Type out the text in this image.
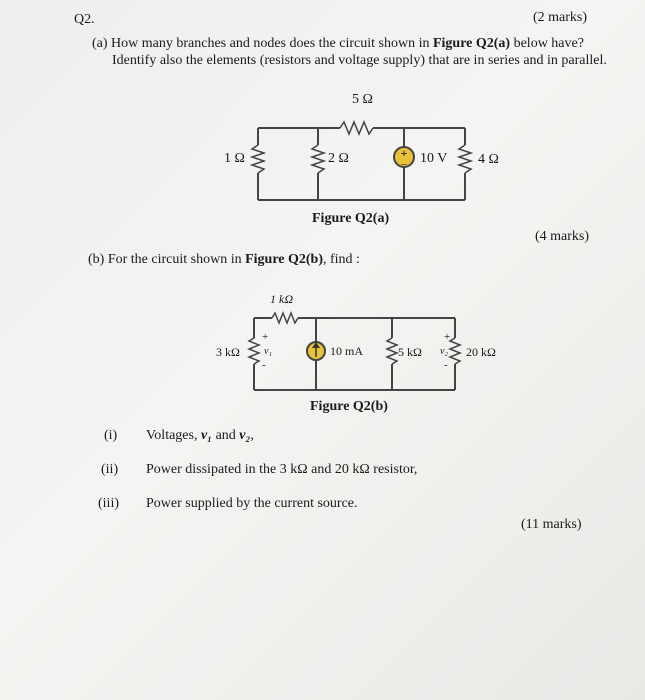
Q2.	(2 marks)
(a) How many branches and nodes does the circuit shown in Figure Q2(a) below have?
Identify also the elements (resistors and voltage supply) that are in series and in parallel.
+
–
5 Ω
1 Ω	2 Ω	10 V 4 Ω
Figure Q2(a)
1 kΩ
3 kΩ
+
v₁
-
10 mA	5 kΩ
+
v₂
-
20 kΩ
Figure Q2(b)
(4 marks)
(b) For the circuit shown in Figure Q2(b), find :
(i) Voltages, v₁ and v₂,
(ii) Power dissipated in the 3 kΩ and 20 kΩ resistor,
(iii) Power supplied by the current source.
(11 marks)
